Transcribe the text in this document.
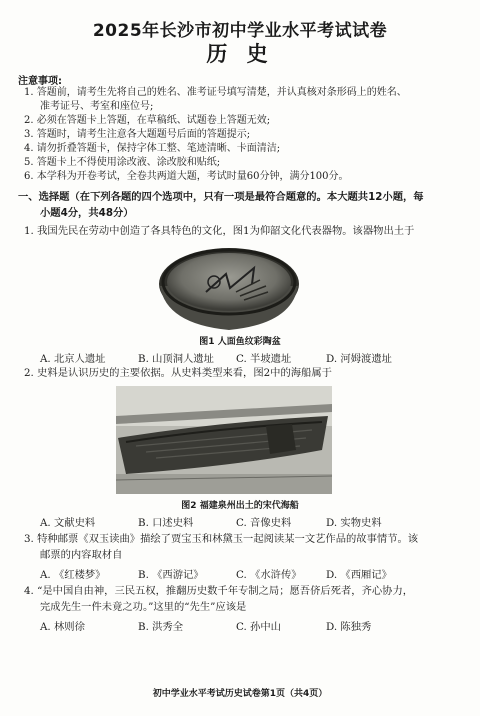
2025年长沙市初中学业水平考试试卷
历 史
注意事项:
1. 答题前，请考生先将自己的姓名、准考证号填写清楚，并认真核对条形码上的姓名、
准考证号、考室和座位号;
2. 必须在答题卡上答题，在草稿纸、试题卷上答题无效;
3. 答题时，请考生注意各大题题号后面的答题提示;
4. 请勿折叠答题卡，保持字体工整、笔迹清晰、卡面清洁;
5. 答题卡上不得使用涂改液、涂改胶和贴纸;
6. 本学科为开卷考试，全卷共两道大题，考试时量60分钟，满分100分。
一、选择题（在下列各题的四个选项中，只有一项是最符合题意的。本大题共12小题，每
小题4分，共48分）
1. 我国先民在劳动中创造了各具特色的文化，图1为仰韶文化代表器物。该器物出土于
图1 人面鱼纹彩陶盆
A. 北京人遗址	B. 山顶洞人遗址	C. 半坡遗址	D. 河姆渡遗址
2. 史料是认识历史的主要依据。从史料类型来看，图2中的海船属于
图2 福建泉州出土的宋代海船
A. 文献史料	B. 口述史料	C. 音像史料	D. 实物史料
3. 特种邮票《双玉读曲》描绘了贾宝玉和林黛玉一起阅读某一文艺作品的故事情节。该
邮票的内容取材自
A. 《红楼梦》	B. 《西游记》	C. 《水浒传》	D. 《西厢记》
4. “是中国自由神，三民五权，推翻历史数千年专制之局；愿吾侪后死者，齐心协力，
完成先生一件未竟之功。”这里的“先生”应该是
A. 林则徐	B. 洪秀全	C. 孙中山	D. 陈独秀
初中学业水平考试历史试卷第1页（共4页）
